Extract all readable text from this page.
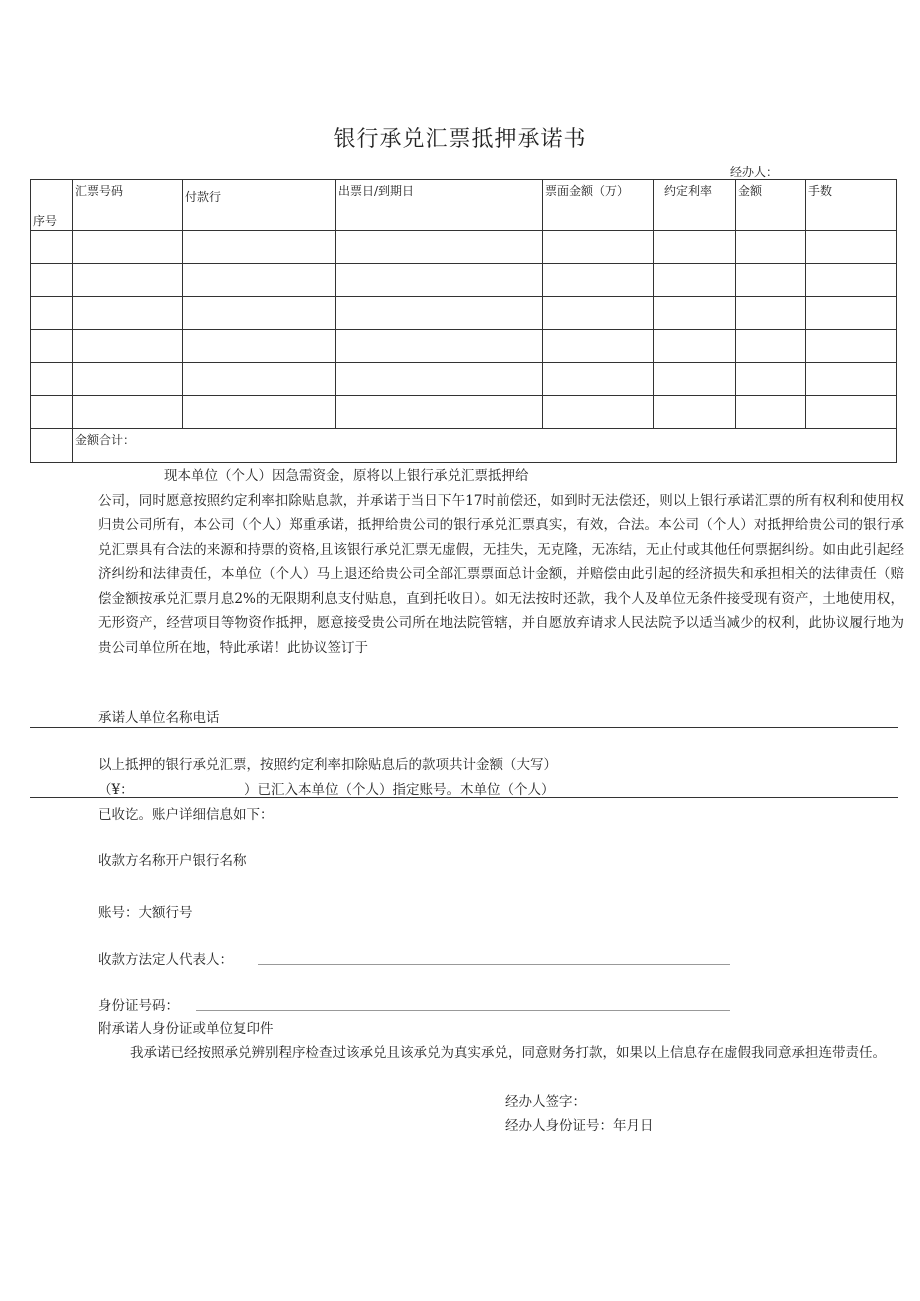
银行承兑汇票抵押承诺书
经办人：
序号	汇票号码	付款行	出票日/到期日	票面金额（万）	约定利率	金额	手数

	金额合计：						
现本单位（个人）因急需资金，原将以上银行承兑汇票抵押给
公司，同时愿意按照约定利率扣除贴息款，并承诺于当日下午17时前偿还，如到时无法偿还，则以上银行承诺汇票的所有权利和使用权归贵公司所有，本公司（个人）郑重承诺，抵押给贵公司的银行承兑汇票真实，有效，合法。本公司（个人）对抵押给贵公司的银行承兑汇票具有合法的来源和持票的资格,且该银行承兑汇票无虚假，无挂失，无克隆，无冻结，无止付或其他任何票据纠纷。如由此引起经济纠纷和法律责任，本单位（个人）马上退还给贵公司全部汇票票面总计金额，并赔偿由此引起的经济损失和承担相关的法律责任（赔偿金额按承兑汇票月息2%的无限期利息支付贴息，直到托收日）。如无法按时还款，我个人及单位无条件接受现有资产，土地使用权，无形资产，经营项目等物资作抵押，愿意接受贵公司所在地法院管辖，并自愿放弃请求人民法院予以适当减少的权利，此协议履行地为贵公司单位所在地，特此承诺！此协议签订于
承诺人单位名称电话
以上抵押的银行承兑汇票，按照约定利率扣除贴息后的款项共计金额（大写）
（¥：	）已汇入本单位（个人）指定账号。木单位（个人）
已收讫。账户详细信息如下：
收款方名称开户银行名称
账号：大额行号
收款方法定人代表人：
身份证号码：
附承诺人身份证或单位复印件
我承诺已经按照承兑辨别程序检查过该承兑且该承兑为真实承兑，同意财务打款，如果以上信息存在虚假我同意承担连带责任。
经办人签字：
经办人身份证号：年月日
